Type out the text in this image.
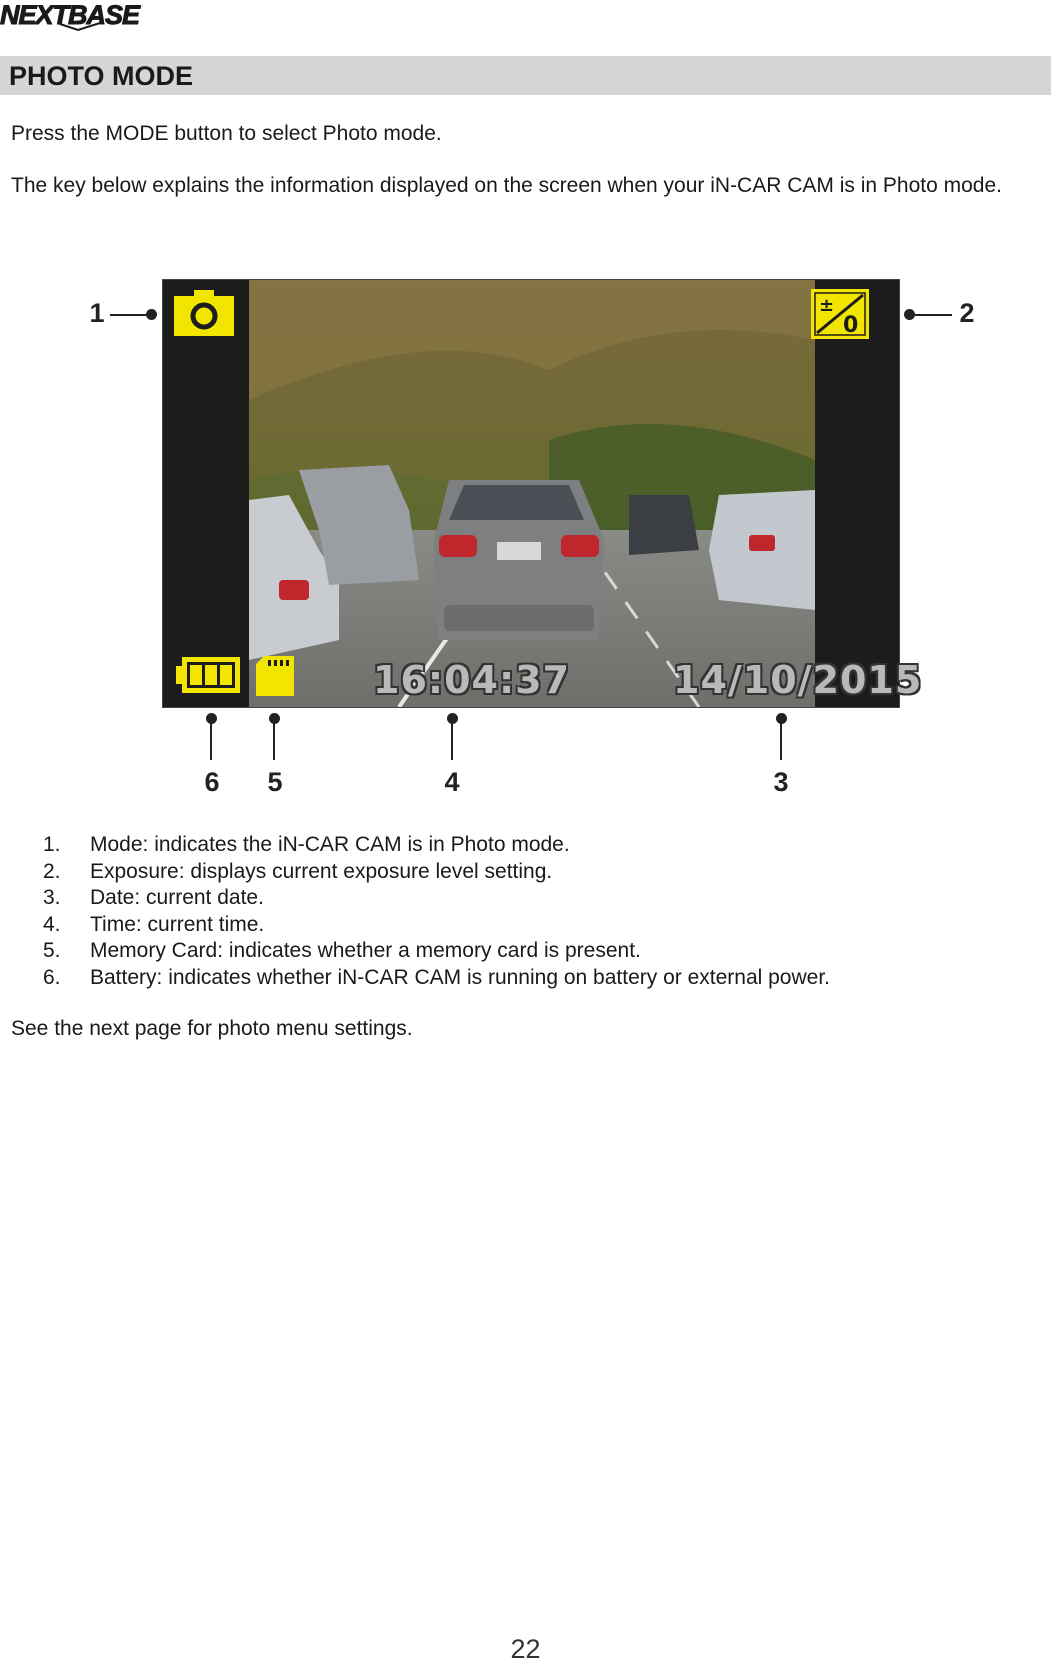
NEXTBASE
PHOTO MODE

Press the MODE button to select Photo mode.

The key below explains the information displayed on the screen when your iN-CAR CAM is in Photo mode.

±
0
16:04:37	14/10/2015
1	2
6 5	4	3
1. Mode: indicates the iN-CAR CAM is in Photo mode.
2. Exposure: displays current exposure level setting.
3. Date: current date.
4. Time: current time.
5. Memory Card: indicates whether a memory card is present.
6. Battery: indicates whether iN-CAR CAM is running on battery or external power.

See the next page for photo menu settings.

22
